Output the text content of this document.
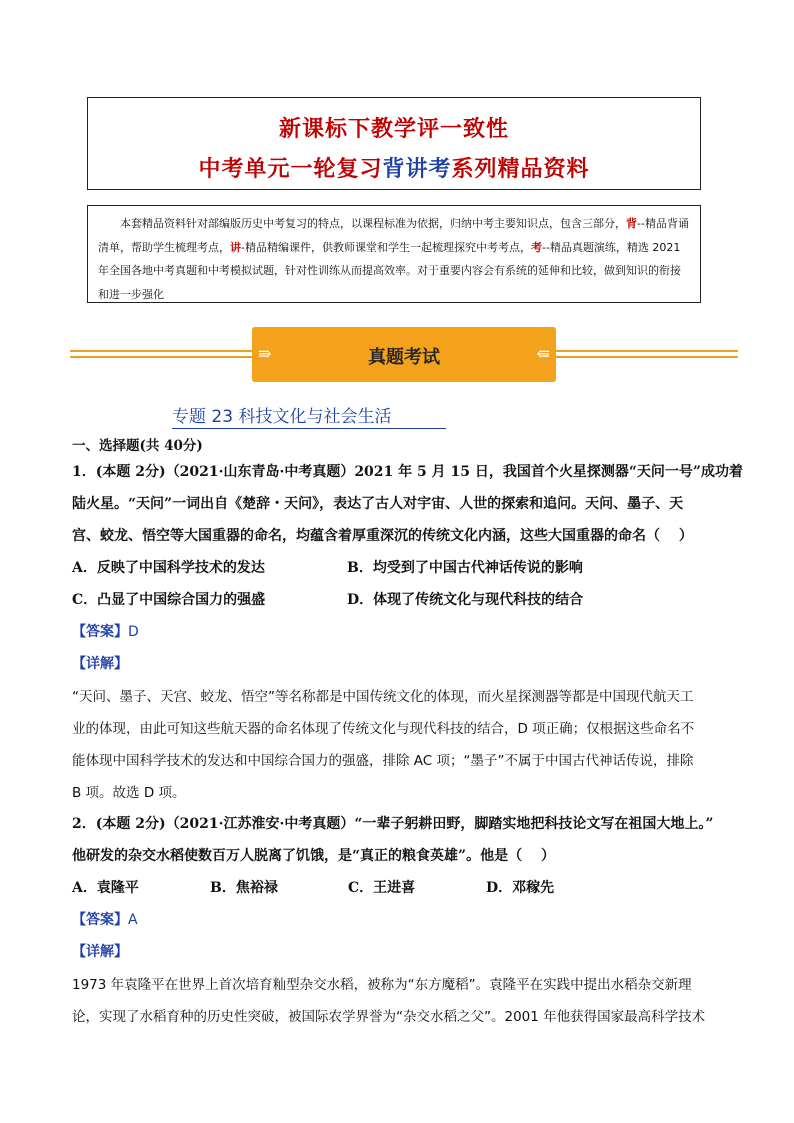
新课标下教学评一致性
中考单元一轮复习背讲考系列精品资料
本套精品资料针对部编版历史中考复习的特点，以课程标准为依据，归纳中考主要知识点，包含三部分，背--精品背诵清单，帮助学生梳理考点，讲-精品精编课件，供教师课堂和学生一起梳理探究中考考点，考--精品真题演练，精选 2021 年全国各地中考真题和中考模拟试题，针对性训练从而提高效率。对于重要内容会有系统的延伸和比较，做到知识的衔接和进一步强化
⇛	真题考试	⇚
专题 23 科技文化与社会生活
一、选择题(共 40分)
1．(本题 2分)（2021·山东青岛·中考真题）2021 年 5 月 15 日，我国首个火星探测器“天问一号”成功着
陆火星。“天问”一词出自《楚辞・天问》，表达了古人对宇宙、人世的探索和追问。天问、墨子、天
宫、蛟龙、悟空等大国重器的命名，均蕴含着厚重深沉的传统文化内涵，这些大国重器的命名（　 ）
A．反映了中国科学技术的发达	B．均受到了中国古代神话传说的影响
C．凸显了中国综合国力的强盛	D．体现了传统文化与现代科技的结合
【答案】D
【详解】
“天问、墨子、天宫、蛟龙、悟空”等名称都是中国传统文化的体现，而火星探测器等都是中国现代航天工
业的体现，由此可知这些航天器的命名体现了传统文化与现代科技的结合，D 项正确；仅根据这些命名不
能体现中国科学技术的发达和中国综合国力的强盛，排除 AC 项；“墨子”不属于中国古代神话传说，排除
B 项。故选 D 项。
2．(本题 2分)（2021·江苏淮安·中考真题）“一辈子躬耕田野，脚踏实地把科技论文写在祖国大地上。”
他研发的杂交水稻使数百万人脱离了饥饿，是“真正的粮食英雄”。他是（　 ）
A．袁隆平	B．焦裕禄	C．王进喜	D．邓稼先
【答案】A
【详解】
1973 年袁隆平在世界上首次培育籼型杂交水稻，被称为“东方魔稻”。袁隆平在实践中提出水稻杂交新理
论，实现了水稻育种的历史性突破，被国际农学界誉为“杂交水稻之父”。2001 年他获得国家最高科学技术
